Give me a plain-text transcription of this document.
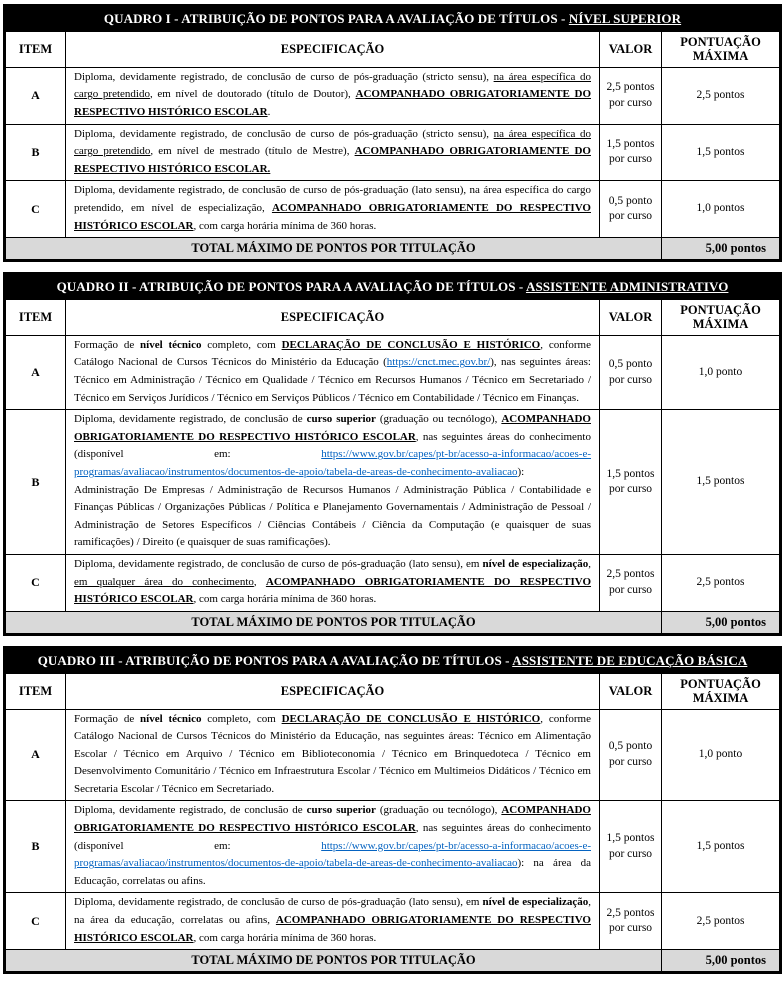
QUADRO I - ATRIBUIÇÃO DE PONTOS PARA A AVALIAÇÃO DE TÍTULOS - NÍVEL SUPERIOR			
ITEM	ESPECIFICAÇÃO	VALOR	PONTUAÇÃO MÁXIMA
A	Diploma, devidamente registrado, de conclusão de curso de pós-graduação (stricto sensu), na área específica do cargo pretendido, em nível de doutorado (título de Doutor), ACOMPANHADO OBRIGATORIAMENTE DO RESPECTIVO HISTÓRICO ESCOLAR.	2,5 pontos por curso	2,5 pontos
B	Diploma, devidamente registrado, de conclusão de curso de pós-graduação (stricto sensu), na área específica do cargo pretendido, em nível de mestrado (título de Mestre), ACOMPANHADO OBRIGATORIAMENTE DO RESPECTIVO HISTÓRICO ESCOLAR.	1,5 pontos por curso	1,5 pontos
C	Diploma, devidamente registrado, de conclusão de curso de pós-graduação (lato sensu), na área específica do cargo pretendido, em nível de especialização, ACOMPANHADO OBRIGATORIAMENTE DO RESPECTIVO HISTÓRICO ESCOLAR, com carga horária mínima de 360 horas.	0,5 ponto por curso	1,0 pontos
TOTAL MÁXIMO DE PONTOS POR TITULAÇÃO			5,00 pontos
QUADRO II - ATRIBUIÇÃO DE PONTOS PARA A AVALIAÇÃO DE TÍTULOS - ASSISTENTE ADMINISTRATIVO			
ITEM	ESPECIFICAÇÃO	VALOR	PONTUAÇÃO MÁXIMA
A	Formação de nível técnico completo, com DECLARAÇÃO DE CONCLUSÃO E HISTÓRICO, conforme Catálogo Nacional de Cursos Técnicos do Ministério da Educação (https://cnct.mec.gov.br/), nas seguintes áreas: Técnico em Administração / Técnico em Qualidade / Técnico em Recursos Humanos / Técnico em Secretariado / Técnico em Serviços Jurídicos / Técnico em Serviços Públicos / Técnico em Contabilidade / Técnico em Finanças.	0,5 ponto por curso	1,0 ponto
B	Diploma, devidamente registrado, de conclusão de curso superior (graduação ou tecnólogo), ACOMPANHADO OBRIGATORIAMENTE DO RESPECTIVO HISTÓRICO ESCOLAR, nas seguintes áreas do conhecimento (disponível em: https://www.gov.br/capes/pt-br/acesso-a-informacao/acoes-e-programas/avaliacao/instrumentos/documentos-de-apoio/tabela-de-areas-de-conhecimento-avaliacao): Administração De Empresas / Administração de Recursos Humanos / Administração Pública / Contabilidade e Finanças Públicas / Organizações Públicas / Política e Planejamento Governamentais / Administração de Pessoal / Administração de Setores Específicos / Ciências Contábeis / Ciência da Computação (e quaisquer de suas ramificações) / Direito (e quaisquer de suas ramificações).	1,5 pontos por curso	1,5 pontos
C	Diploma, devidamente registrado, de conclusão de curso de pós-graduação (lato sensu), em nível de especialização, em qualquer área do conhecimento, ACOMPANHADO OBRIGATORIAMENTE DO RESPECTIVO HISTÓRICO ESCOLAR, com carga horária mínima de 360 horas.	2,5 pontos por curso	2,5 pontos
TOTAL MÁXIMO DE PONTOS POR TITULAÇÃO			5,00 pontos
QUADRO III - ATRIBUIÇÃO DE PONTOS PARA A AVALIAÇÃO DE TÍTULOS - ASSISTENTE DE EDUCAÇÃO BÁSICA			
ITEM	ESPECIFICAÇÃO	VALOR	PONTUAÇÃO MÁXIMA
A	Formação de nível técnico completo, com DECLARAÇÃO DE CONCLUSÃO E HISTÓRICO, conforme Catálogo Nacional de Cursos Técnicos do Ministério da Educação, nas seguintes áreas: Técnico em Alimentação Escolar / Técnico em Arquivo / Técnico em Biblioteconomia / Técnico em Brinquedoteca / Técnico em Desenvolvimento Comunitário / Técnico em Infraestrutura Escolar / Técnico em Multimeios Didáticos / Técnico em Secretaria Escolar / Técnico em Secretariado.	0,5 ponto por curso	1,0 ponto
B	Diploma, devidamente registrado, de conclusão de curso superior (graduação ou tecnólogo), ACOMPANHADO OBRIGATORIAMENTE DO RESPECTIVO HISTÓRICO ESCOLAR, nas seguintes áreas do conhecimento (disponível em: https://www.gov.br/capes/pt-br/acesso-a-informacao/acoes-e-programas/avaliacao/instrumentos/documentos-de-apoio/tabela-de-areas-de-conhecimento-avaliacao): na área da Educação, correlatas ou afins.	1,5 pontos por curso	1,5 pontos
C	Diploma, devidamente registrado, de conclusão de curso de pós-graduação (lato sensu), em nível de especialização, na área da educação, correlatas ou afins, ACOMPANHADO OBRIGATORIAMENTE DO RESPECTIVO HISTÓRICO ESCOLAR, com carga horária mínima de 360 horas.	2,5 pontos por curso	2,5 pontos
TOTAL MÁXIMO DE PONTOS POR TITULAÇÃO			5,00 pontos
